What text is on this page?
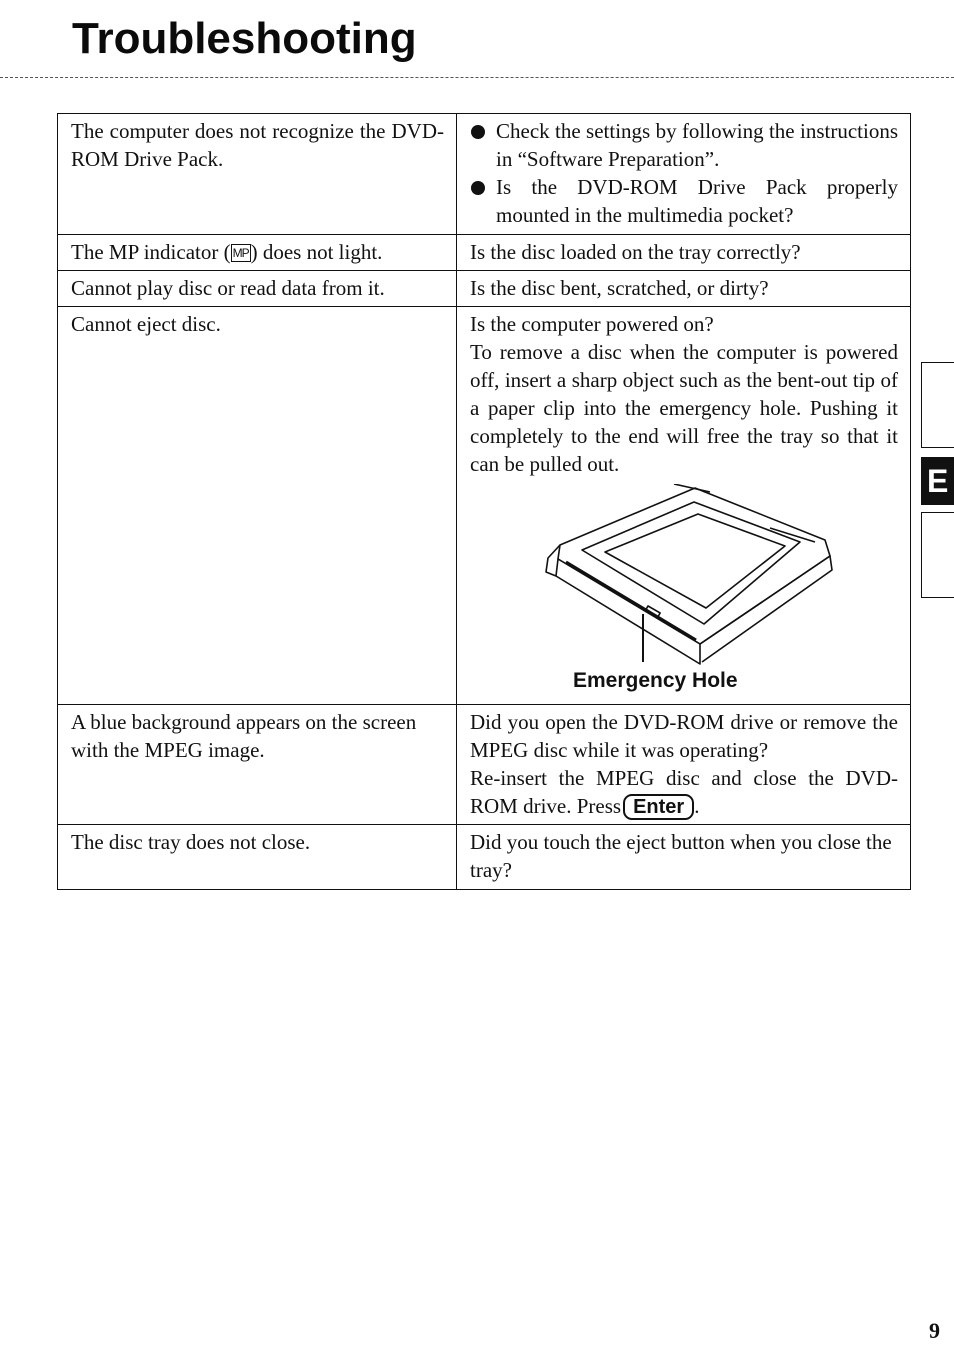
Troubleshooting
The computer does not recognize the DVD-ROM Drive Pack.	Check the settings by following the instructions in “Software Preparation”.
Is the DVD-ROM Drive Pack properly mounted in the multimedia pocket?

The MP indicator ( MP) does not light.	Is the disc loaded on the tray correctly?
Cannot play disc or read data from it.	Is the disc bent, scratched, or dirty?
Cannot eject disc.	Is the computer powered on?
To remove a disc when the computer is powered off, insert a sharp object such as the bent-out tip of a paper clip into the emergency hole. Pushing it completely to the end will free the tray so that it can be pulled out.
Emergency Hole

A blue background appears on the screen with the MPEG image.	Did you open the DVD-ROM drive or remove the MPEG disc while it was operating?
Re-insert the MPEG disc and close the DVD-ROM drive. Press Enter .

The disc tray does not close.	Did you touch the eject button when you close the tray?
E
9
